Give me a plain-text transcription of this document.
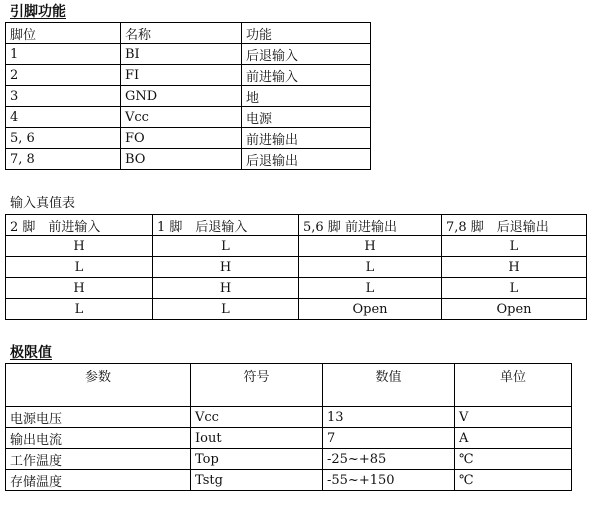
引脚功能
脚位	名称	功能
1	BI	后退输入
2	FI	前进输入
3	GND	地
4	Vcc	电源
5, 6	FO	前进输出
7, 8	BO	后退输出
输入真值表
2 脚　前进输入	1 脚　后退输入	5,6 脚 前进输出	7,8 脚　后退输出
H	L	H	L
L	H	L	H
H	H	L	L
L	L	Open	Open
极限值
参数	符号	数值	单位
电源电压	Vcc	13	V
输出电流	Iout	7	A
工作温度	Top	-25~+85	℃
存储温度	Tstg	-55~+150	℃
